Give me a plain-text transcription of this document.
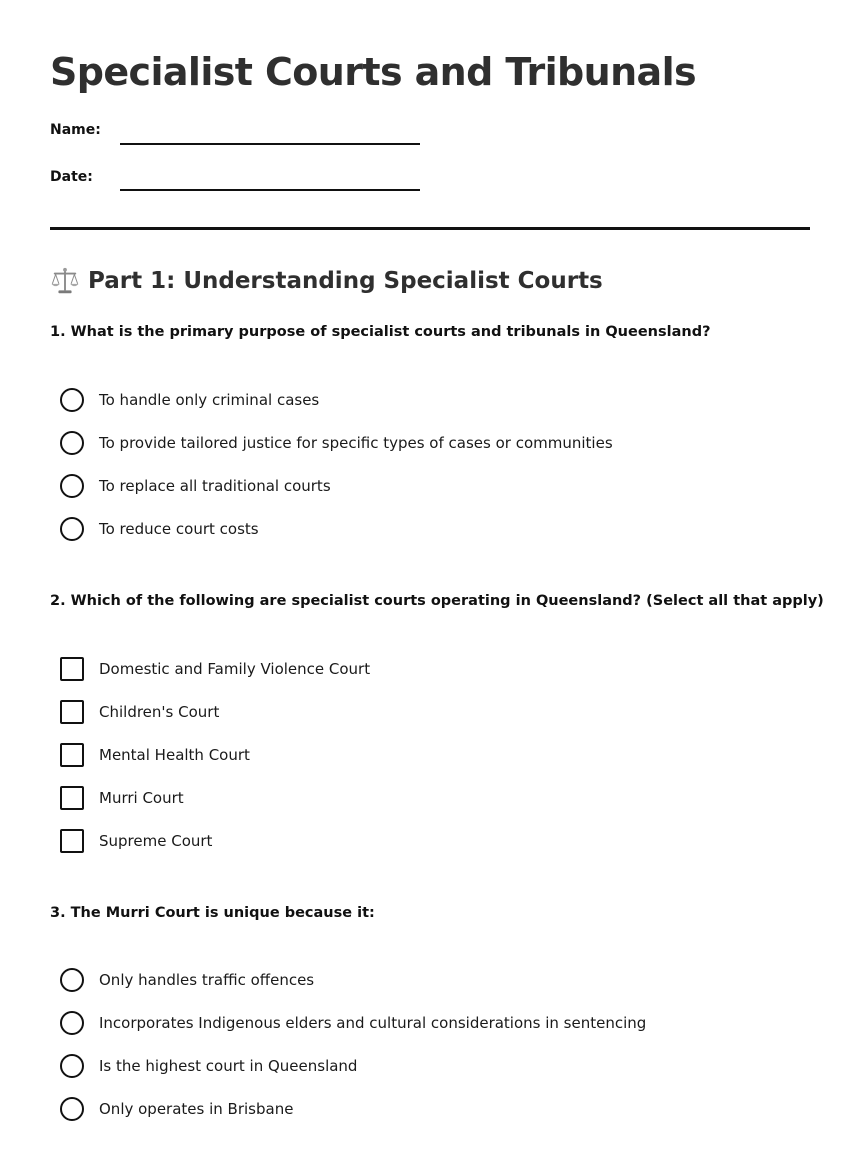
Specialist Courts and Tribunals
Name:
Date:
Part 1: Understanding Specialist Courts

1. What is the primary purpose of specialist courts and tribunals in Queensland?

To handle only criminal cases
To provide tailored justice for specific types of cases or communities
To replace all traditional courts
To reduce court costs

2. Which of the following are specialist courts operating in Queensland? (Select all that apply)

Domestic and Family Violence Court
Children's Court
Mental Health Court
Murri Court
Supreme Court

3. The Murri Court is unique because it:

Only handles traffic offences
Incorporates Indigenous elders and cultural considerations in sentencing
Is the highest court in Queensland
Only operates in Brisbane
